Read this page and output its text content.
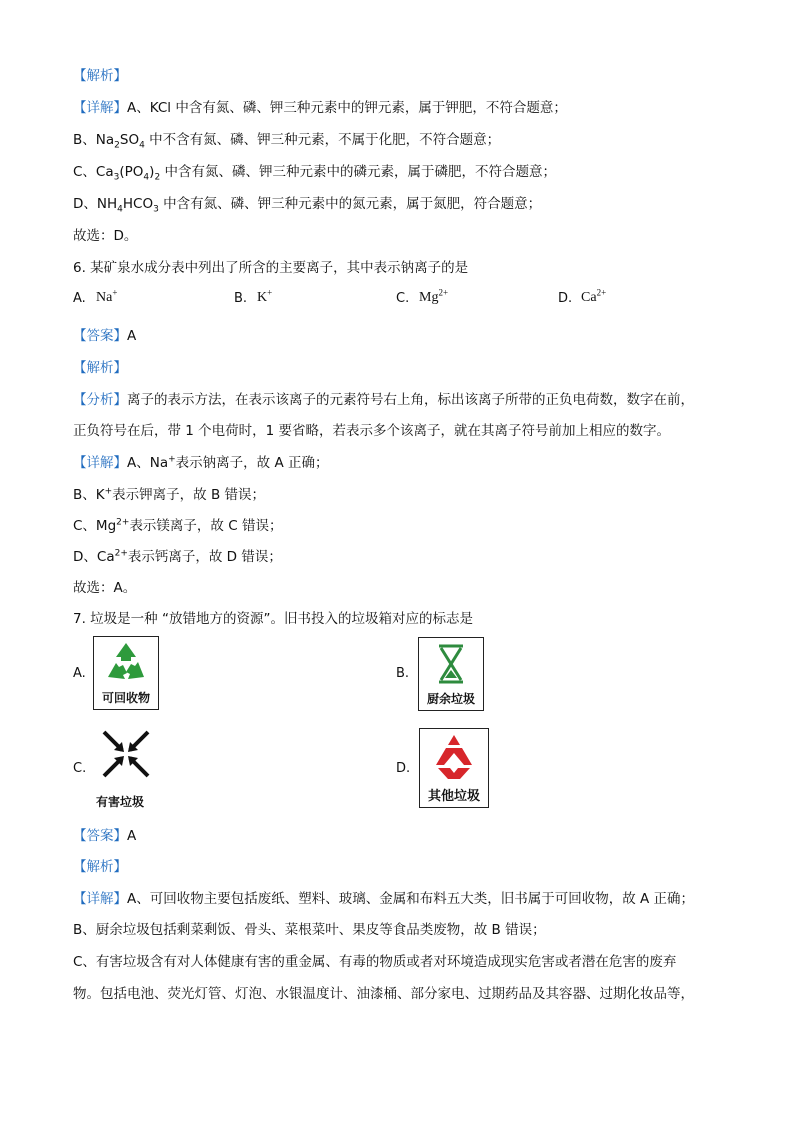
【解析】
【详解】A、KCl 中含有氮、磷、钾三种元素中的钾元素，属于钾肥，不符合题意；
B、$Na_2SO_4$ 中不含有氮、磷、钾三种元素，不属于化肥，不符合题意；
C、$Ca_3(PO_4)_2$ 中含有氮、磷、钾三种元素中的磷元素，属于磷肥，不符合题意；
D、$NH_4HCO_3$ 中含有氮、磷、钾三种元素中的氮元素，属于氮肥，符合题意；
故选：D。
6. 某矿泉水成分表中列出了所含的主要离子，其中表示钠离子的是
A. Na+	B. K+	C. $Mg^{2+}$	D. $Ca^{2+}$
【答案】A
【解析】
【分析】离子的表示方法，在表示该离子的元素符号右上角，标出该离子所带的正负电荷数，数字在前，
正负符号在后，带 1 个电荷时，1 要省略，若表示多个该离子，就在其离子符号前加上相应的数字。
【详解】A、Na+表示钠离子，故 A 正确；
B、K+表示钾离子，故 B 错误；
C、$Mg^{2+}$表示镁离子，故 C 错误；
D、$Ca^{2+}$表示钙离子，故 D 错误；
故选：A。
7. 垃圾是一种 “放错地方的资源”。旧书投入的垃圾箱对应的标志是
A.
可回收物
B.
厨余垃圾
C.
有害垃圾
D.
其他垃圾
【答案】A
【解析】
【详解】A、可回收物主要包括废纸、塑料、玻璃、金属和布料五大类，旧书属于可回收物，故 A 正确；
B、厨余垃圾包括剩菜剩饭、骨头、菜根菜叶、果皮等食品类废物，故 B 错误；
C、有害垃圾含有对人体健康有害的重金属、有毒的物质或者对环境造成现实危害或者潜在危害的废弃
物。包括电池、荧光灯管、灯泡、水银温度计、油漆桶、部分家电、过期药品及其容器、过期化妆品等，
